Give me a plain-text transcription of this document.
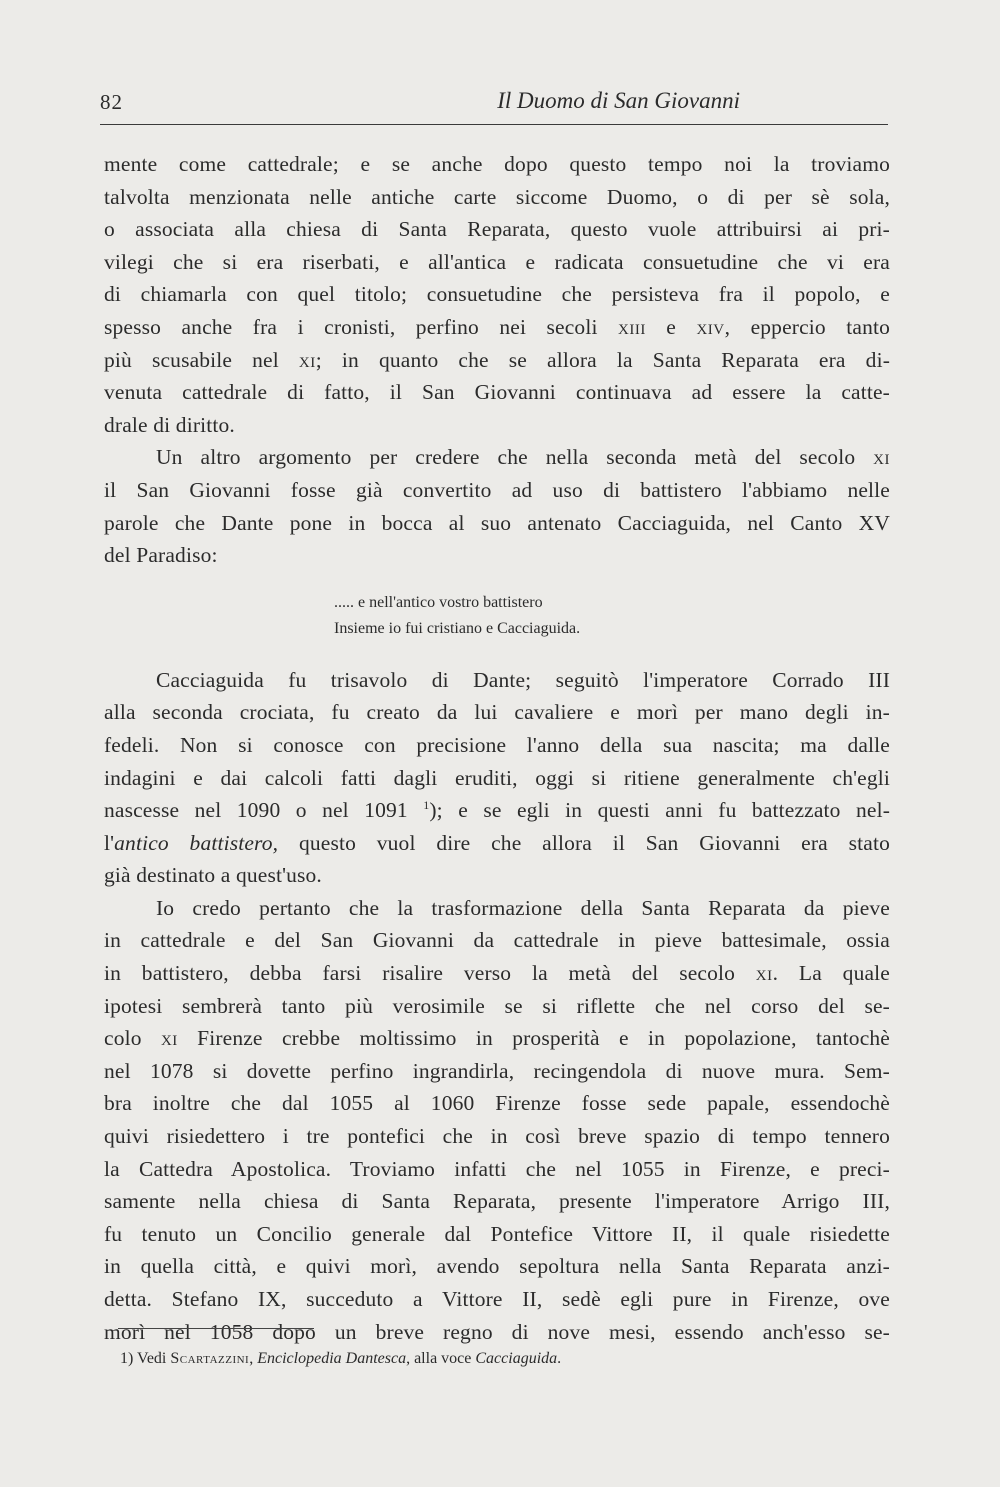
82	Il Duomo di San Giovanni

mente come cattedrale; e se anche dopo questo tempo noi la troviamo

talvolta menzionata nelle antiche carte siccome Duomo, o di per sè sola,

o associata alla chiesa di Santa Reparata, questo vuole attribuirsi ai pri-

vilegi che si era riserbati, e all'antica e radicata consuetudine che vi era

di chiamarla con quel titolo; consuetudine che persisteva fra il popolo, e

spesso anche fra i cronisti, perfino nei secoli xiii e xiv, eppercio tanto

più scusabile nel xi; in quanto che se allora la Santa Reparata era di-

venuta cattedrale di fatto, il San Giovanni continuava ad essere la catte-

drale di diritto.

Un altro argomento per credere che nella seconda metà del secolo xi

il San Giovanni fosse già convertito ad uso di battistero l'abbiamo nelle

parole che Dante pone in bocca al suo antenato Cacciaguida, nel Canto XV

del Paradiso:

..... e nell'antico vostro battistero
Insieme io fui cristiano e Cacciaguida.

Cacciaguida fu trisavolo di Dante; seguitò l'imperatore Corrado III

alla seconda crociata, fu creato da lui cavaliere e morì per mano degli in-

fedeli. Non si conosce con precisione l'anno della sua nascita; ma dalle

indagini e dai calcoli fatti dagli eruditi, oggi si ritiene generalmente ch'egli

nascesse nel 1090 o nel 1091 $^1$); e se egli in questi anni fu battezzato nel-

l'antico battistero, questo vuol dire che allora il San Giovanni era stato

già destinato a quest'uso.

Io credo pertanto che la trasformazione della Santa Reparata da pieve

in cattedrale e del San Giovanni da cattedrale in pieve battesimale, ossia

in battistero, debba farsi risalire verso la metà del secolo xi. La quale

ipotesi sembrerà tanto più verosimile se si riflette che nel corso del se-

colo xi Firenze crebbe moltissimo in prosperità e in popolazione, tantochè

nel 1078 si dovette perfino ingrandirla, recingendola di nuove mura. Sem-

bra inoltre che dal 1055 al 1060 Firenze fosse sede papale, essendochè

quivi risiedettero i tre pontefici che in così breve spazio di tempo tennero

la Cattedra Apostolica. Troviamo infatti che nel 1055 in Firenze, e preci-

samente nella chiesa di Santa Reparata, presente l'imperatore Arrigo III,

fu tenuto un Concilio generale dal Pontefice Vittore II, il quale risiedette

in quella città, e quivi morì, avendo sepoltura nella Santa Reparata anzi-

detta. Stefano IX, succeduto a Vittore II, sedè egli pure in Firenze, ove

morì nel 1058 dopo un breve regno di nove mesi, essendo anch'esso se-

1) Vedi Scartazzini, Enciclopedia Dantesca, alla voce Cacciaguida.
